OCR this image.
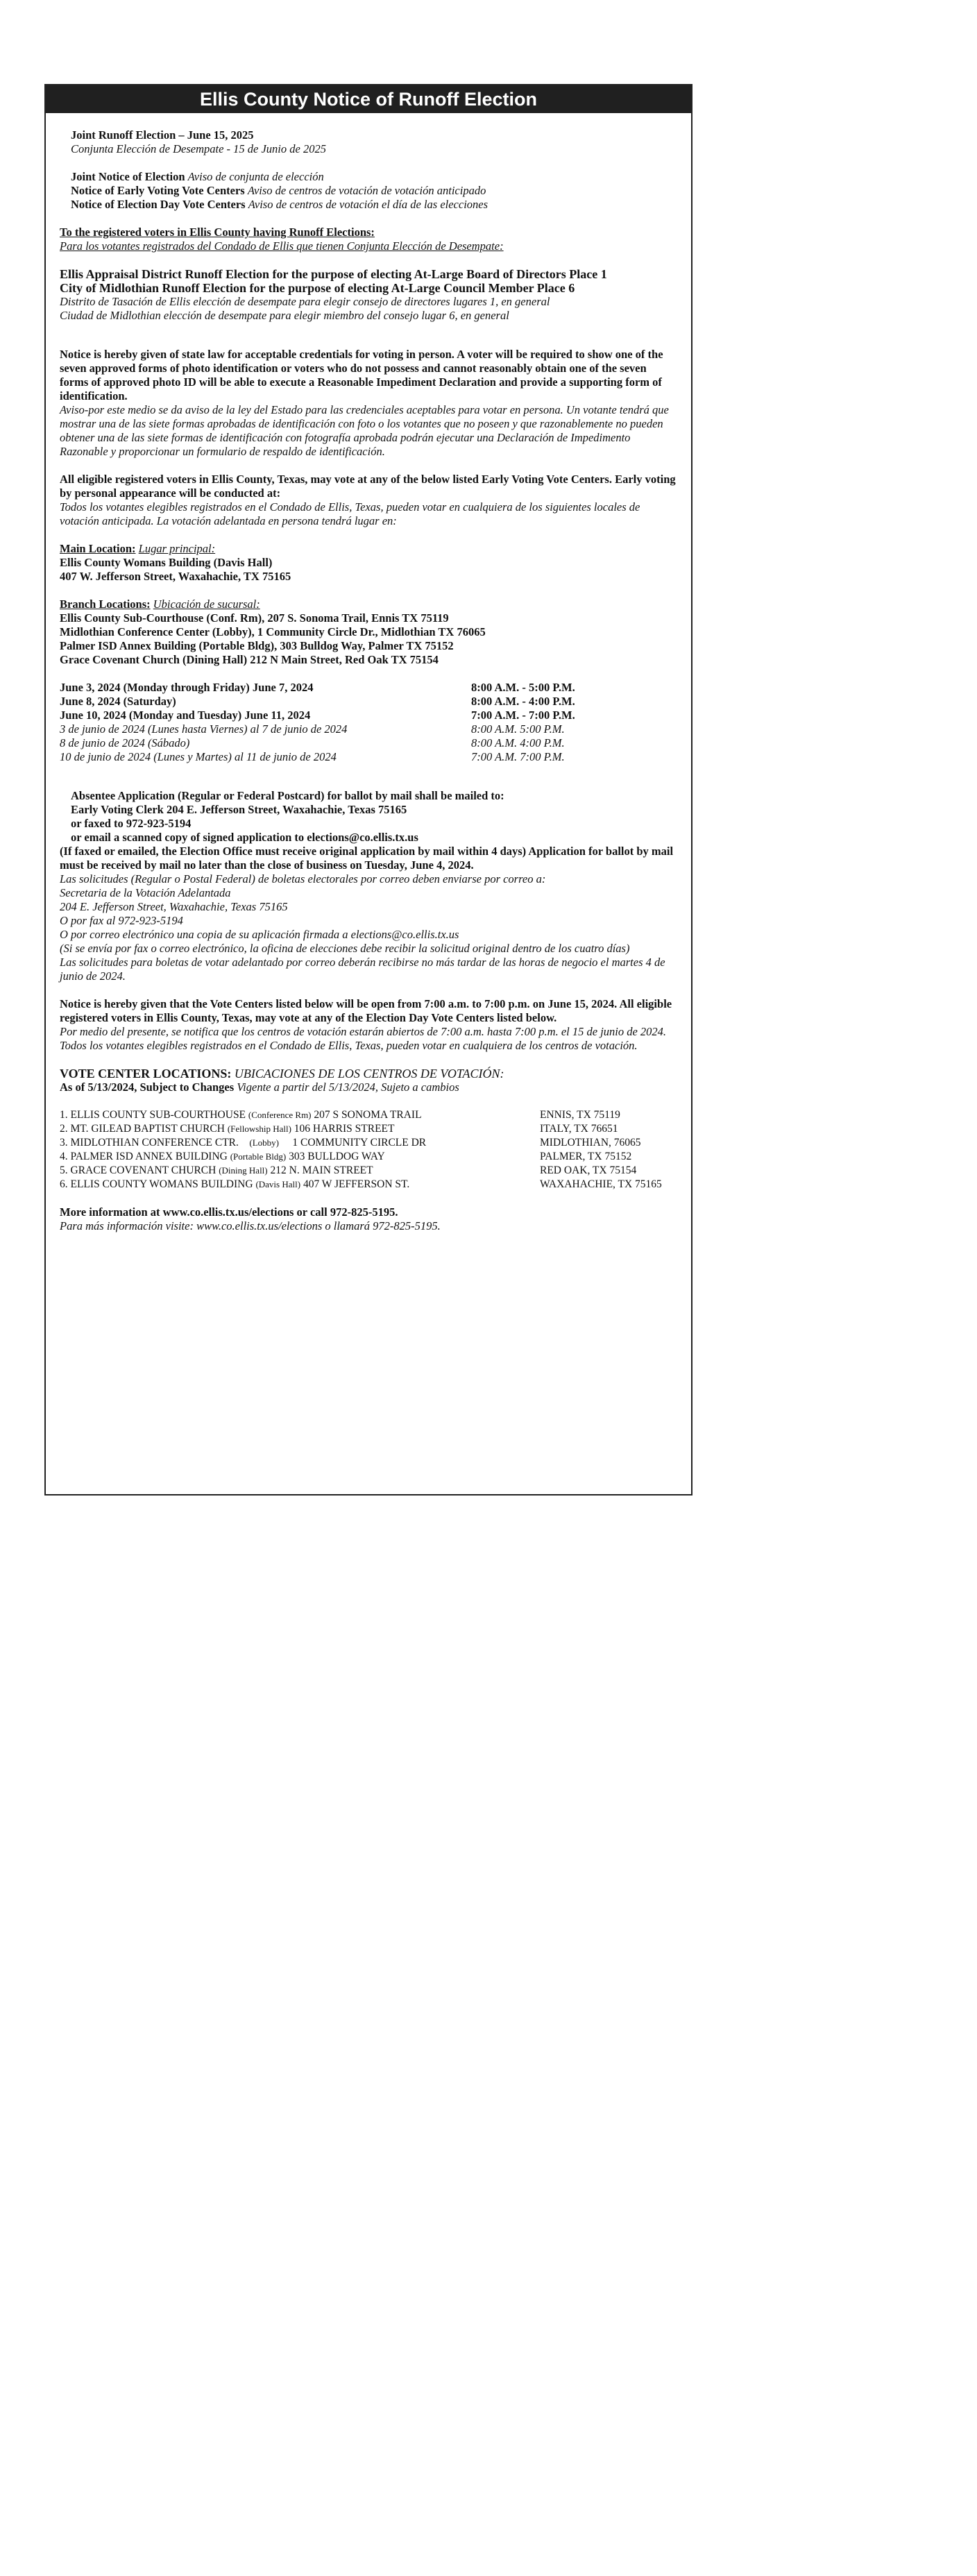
Ellis County Notice of Runoff Election

Joint Runoff Election – June 15, 2025

Conjunta Elección de Desempate - 15 de Junio de 2025

Joint Notice of Election Aviso de conjunta de elección

Notice of Early Voting Vote Centers Aviso de centros de votación de votación anticipado

Notice of Election Day Vote Centers Aviso de centros de votación el día de las elecciones

To the registered voters in Ellis County having Runoff Elections:

Para los votantes registrados del Condado de Ellis que tienen Conjunta Elección de Desempate:

Ellis Appraisal District Runoff Election for the purpose of electing At-Large Board of Directors Place 1

City of Midlothian Runoff Election for the purpose of electing At-Large Council Member Place 6

Distrito de Tasación de Ellis elección de desempate para elegir consejo de directores lugares 1, en general

Ciudad de Midlothian elección de desempate para elegir miembro del consejo lugar 6, en general

Notice is hereby given of state law for acceptable credentials for voting in person. A voter will be required to show one of the seven approved forms of photo identification or voters who do not possess and cannot reasonably obtain one of the seven forms of approved photo ID will be able to execute a Reasonable Impediment Declaration and provide a supporting form of identification.

Aviso-por este medio se da aviso de la ley del Estado para las credenciales aceptables para votar en persona. Un votante tendrá que mostrar una de las siete formas aprobadas de identificación con foto o los votantes que no poseen y que razonablemente no pueden obtener una de las siete formas de identificación con fotografía aprobada podrán ejecutar una Declaración de Impedimento Razonable y proporcionar un formulario de respaldo de identificación.

All eligible registered voters in Ellis County, Texas, may vote at any of the below listed Early Voting Vote Centers. Early voting by personal appearance will be conducted at:

Todos los votantes elegibles registrados en el Condado de Ellis, Texas, pueden votar en cualquiera de los siguientes locales de votación anticipada. La votación adelantada en persona tendrá lugar en:

Main Location: Lugar principal:

Ellis County Womans Building (Davis Hall)

407 W. Jefferson Street, Waxahachie, TX 75165

Branch Locations: Ubicación de sucursal:

Ellis County Sub-Courthouse (Conf. Rm), 207 S. Sonoma Trail, Ennis TX 75119

Midlothian Conference Center (Lobby), 1 Community Circle Dr., Midlothian TX 76065

Palmer ISD Annex Building (Portable Bldg), 303 Bulldog Way, Palmer TX 75152

Grace Covenant Church (Dining Hall) 212 N Main Street, Red Oak TX 75154

June 3, 2024 (Monday through Friday) June 7, 2024	8:00 A.M. - 5:00 P.M.
June 8, 2024 (Saturday)	8:00 A.M. - 4:00 P.M.
June 10, 2024 (Monday and Tuesday) June 11, 2024	7:00 A.M. - 7:00 P.M.
3 de junio de 2024 (Lunes hasta Viernes) al 7 de junio de 2024	8:00 A.M. 5:00 P.M.
8 de junio de 2024 (Sábado)	8:00 A.M. 4:00 P.M.
10 de junio de 2024 (Lunes y Martes) al 11 de junio de 2024	7:00 A.M. 7:00 P.M.

Absentee Application (Regular or Federal Postcard) for ballot by mail shall be mailed to:

Early Voting Clerk 204 E. Jefferson Street, Waxahachie, Texas 75165

or faxed to 972-923-5194

or email a scanned copy of signed application to elections@co.ellis.tx.us

(If faxed or emailed, the Election Office must receive original application by mail within 4 days) Application for ballot by mail must be received by mail no later than the close of business on Tuesday, June 4, 2024.

Las solicitudes (Regular o Postal Federal) de boletas electorales por correo deben enviarse por correo a:

Secretaria de la Votación Adelantada

204 E. Jefferson Street, Waxahachie, Texas 75165

O por fax al 972-923-5194

O por correo electrónico una copia de su aplicación firmada a elections@co.ellis.tx.us

(Si se envía por fax o correo electrónico, la oficina de elecciones debe recibir la solicitud original dentro de los cuatro días)

Las solicitudes para boletas de votar adelantado por correo deberán recibirse no más tardar de las horas de negocio el martes 4 de junio de 2024.

Notice is hereby given that the Vote Centers listed below will be open from 7:00 a.m. to 7:00 p.m. on June 15, 2024. All eligible registered voters in Ellis County, Texas, may vote at any of the Election Day Vote Centers listed below.

Por medio del presente, se notifica que los centros de votación estarán abiertos de 7:00 a.m. hasta 7:00 p.m. el 15 de junio de 2024. Todos los votantes elegibles registrados en el Condado de Ellis, Texas, pueden votar en cualquiera de los centros de votación.

VOTE CENTER LOCATIONS: UBICACIONES DE LOS CENTROS DE VOTACIÓN:

As of 5/13/2024, Subject to Changes Vigente a partir del 5/13/2024, Sujeto a cambios

1. ELLIS COUNTY SUB-COURTHOUSE (Conference Rm) 207 S SONOMA TRAIL	ENNIS, TX 75119
2. MT. GILEAD BAPTIST CHURCH (Fellowship Hall) 106 HARRIS STREET	ITALY, TX 76651
3. MIDLOTHIAN CONFERENCE CTR. (Lobby) 1 COMMUNITY CIRCLE DR	MIDLOTHIAN, 76065
4. PALMER ISD ANNEX BUILDING (Portable Bldg) 303 BULLDOG WAY	PALMER, TX 75152
5. GRACE COVENANT CHURCH (Dining Hall) 212 N. MAIN STREET	RED OAK, TX 75154
6. ELLIS COUNTY WOMANS BUILDING (Davis Hall) 407 W JEFFERSON ST.	WAXAHACHIE, TX 75165

More information at www.co.ellis.tx.us/elections or call 972-825-5195.

Para más información visite: www.co.ellis.tx.us/elections o llamará 972-825-5195.
